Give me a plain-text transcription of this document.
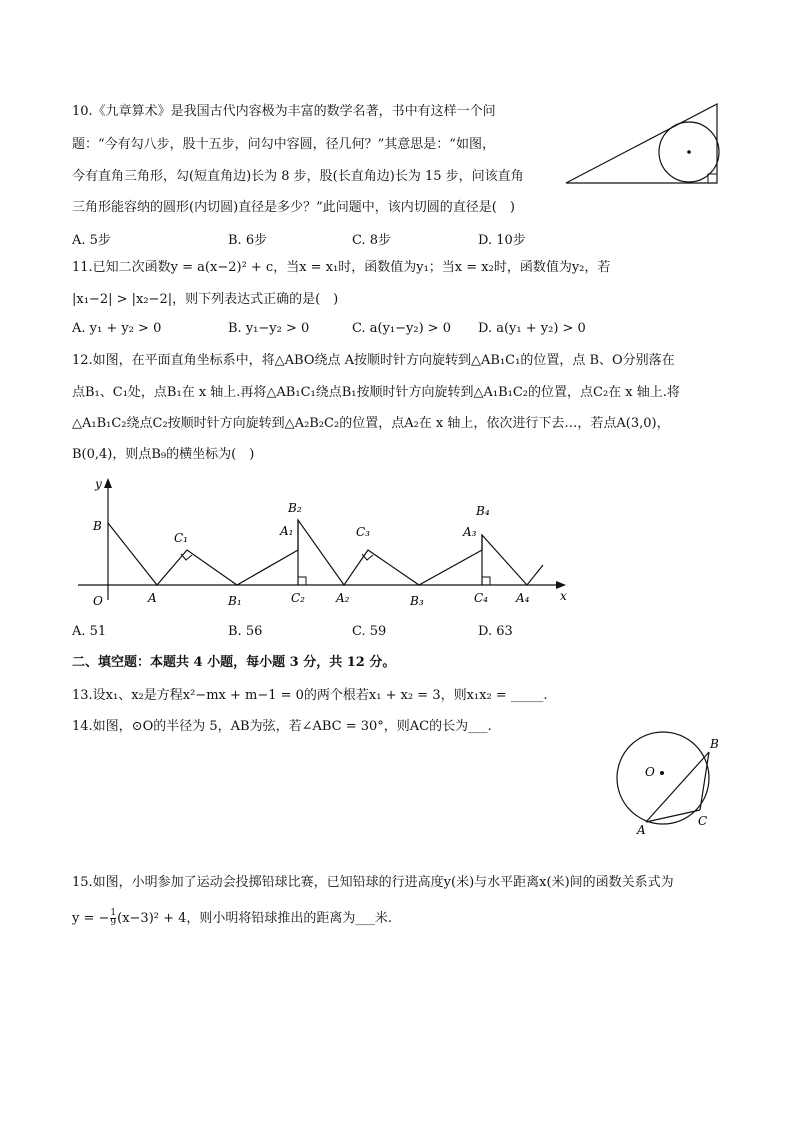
10.《九章算术》是我国古代内容极为丰富的数学名著，书中有这样一个问
题：“今有勾八步，股十五步，问勾中容圆，径几何？”其意思是：“如图，
今有直角三角形，勾(短直角边)长为 8 步，股(长直角边)长为 15 步，问该直角
三角形能容纳的圆形(内切圆)直径是多少？”此问题中，该内切圆的直径是(　)
A. 5步	B. 6步	C. 8步	D. 10步
11.已知二次函数y = a(x−2)² + c，当x = x₁时，函数值为y₁；当x = x₂时，函数值为y₂，若
|x₁−2| > |x₂−2|，则下列表达式正确的是(　)
A. y₁ + y₂ > 0	B. y₁−y₂ > 0	C. a(y₁−y₂) > 0 D. a(y₁ + y₂) > 0
12.如图，在平面直角坐标系中，将△ABO绕点 A按顺时针方向旋转到△AB₁C₁的位置，点 B、O分别落在
点B₁、C₁处，点B₁在 x 轴上.再将△AB₁C₁绕点B₁按顺时针方向旋转到△A₁B₁C₂的位置，点C₂在 x 轴上.将
△A₁B₁C₂绕点C₂按顺时针方向旋转到△A₂B₂C₂的位置，点A₂在 x 轴上，依次进行下去…，若点A(3,0)，
B(0,4)，则点B₉的横坐标为(　)
y
x
O
B
A
C₁
B₁
A₁
B₂
C₂	A₂
C₃
B₃
A₃
B₄
C₄ A₄
A. 51	B. 56	C. 59	D. 63
二、填空题：本题共 4 小题，每小题 3 分，共 12 分。
13.设x₁、x₂是方程x²−mx + m−1 = 0的两个根若x₁ + x₂ = 3，则x₁x₂ = _____.
14.如图，⊙O的半径为 5，AB为弦，若∠ABC = 30°，则AC的长为___.
O
A
B
C
15.如图，小明参加了运动会投掷铅球比赛，已知铅球的行进高度y(米)与水平距离x(米)间的函数关系式为
y = − $\frac{1}{9} (x-3)^2 + 4$，则小明将铅球推出的距离为___米.
